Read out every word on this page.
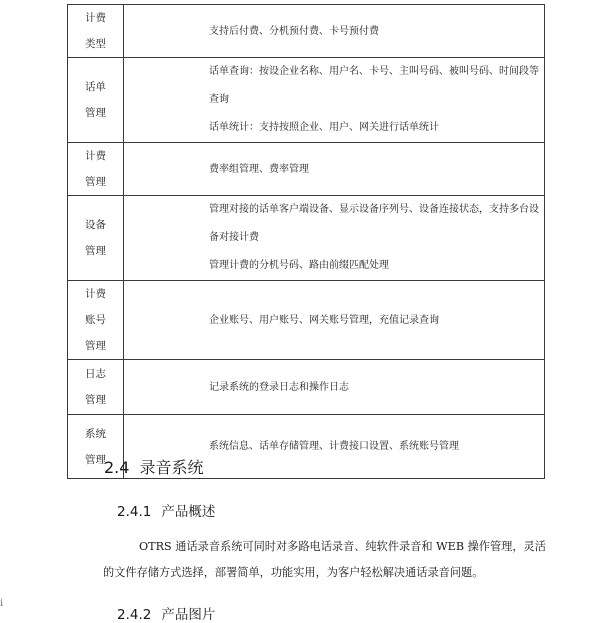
计费
类型	支持后付费、分机预付费、卡号预付费

话单
管理	话单查询：按设企业名称、用户名、卡号、主叫号码、被叫号码、时间段等查询
话单统计：支持按照企业、用户、网关进行话单统计

计费
管理	费率组管理、费率管理

设备
管理	管理对接的话单客户端设备、显示设备序列号、设备连接状态，支持多台设备对接计费
管理计费的分机号码、路由前缀匹配处理

计费
账号
管理	企业账号、用户账号、网关账号管理，充值记录查询

日志
管理	记录系统的登录日志和操作日志

系统
管理	系统信息、话单存储管理、计费接口设置、系统账号管理
2.4 录音系统
2.4.1 产品概述
OTRS 通话录音系统可同时对多路电话录音、纯软件录音和 WEB 操作管理，灵活
的文件存储方式选择，部署简单，功能实用，为客户轻松解决通话录音问题。
2.4.2 产品图片
i
